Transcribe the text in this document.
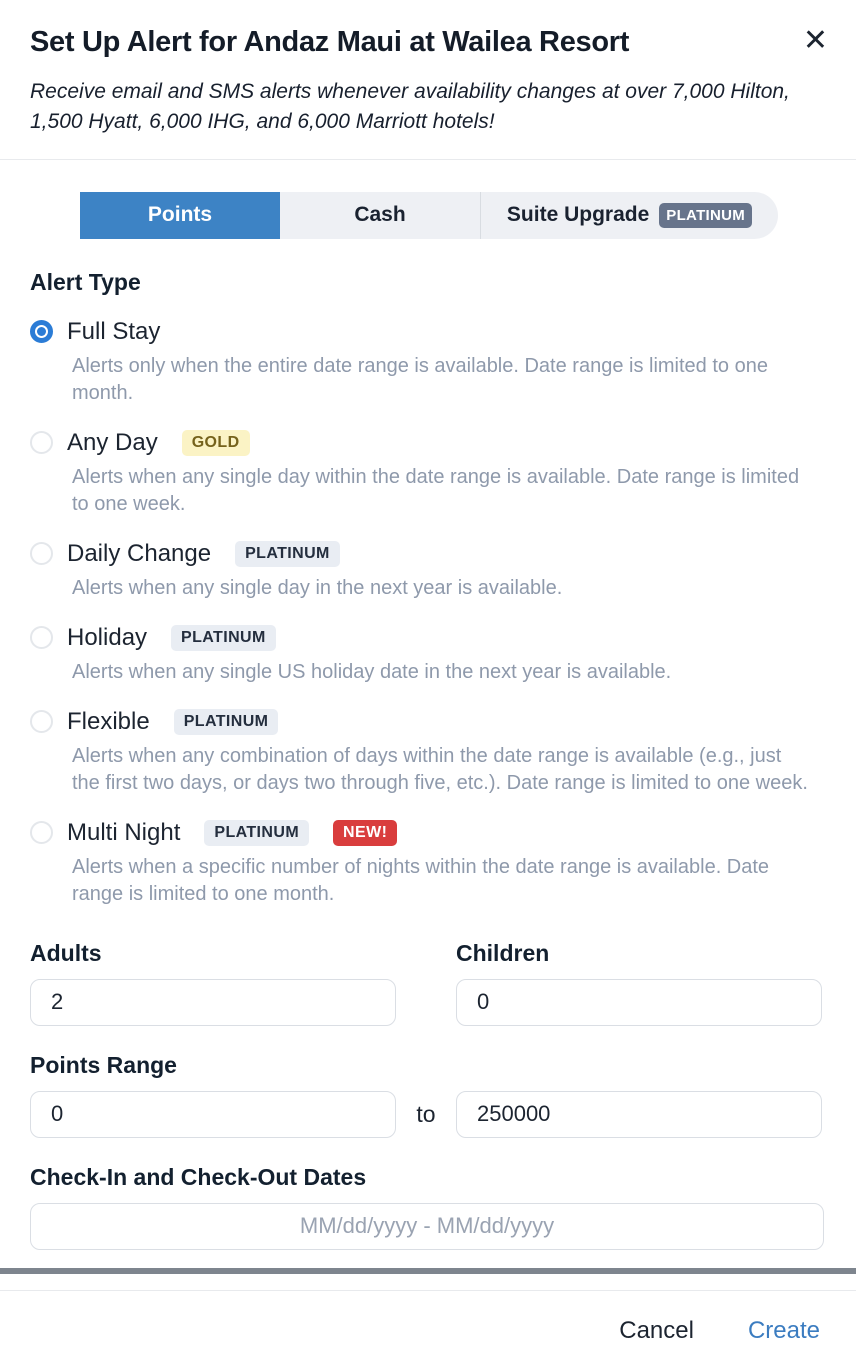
Set Up Alert for Andaz Maui at Wailea Resort	✕
Receive email and SMS alerts whenever availability changes at over 7,000 Hilton, 1,500 Hyatt, 6,000 IHG, and 6,000 Marriott hotels!
Points	Cash	Suite Upgrade	PLATINUM
Alert Type
Full Stay
Alerts only when the entire date range is available. Date range is limited to one month.
Any Day	GOLD
Alerts when any single day within the date range is available. Date range is limited to one week.
Daily Change	PLATINUM
Alerts when any single day in the next year is available.
Holiday	PLATINUM
Alerts when any single US holiday date in the next year is available.
Flexible	PLATINUM
Alerts when any combination of days within the date range is available (e.g., just the first two days, or days two through five, etc.). Date range is limited to one week.
Multi Night	PLATINUM	NEW!
Alerts when a specific number of nights within the date range is available. Date range is limited to one month.
Adults
2	Children
0
Points Range
0
to
250000
Check-In and Check-Out Dates
MM/dd/yyyy - MM/dd/yyyy
Cancel Create
